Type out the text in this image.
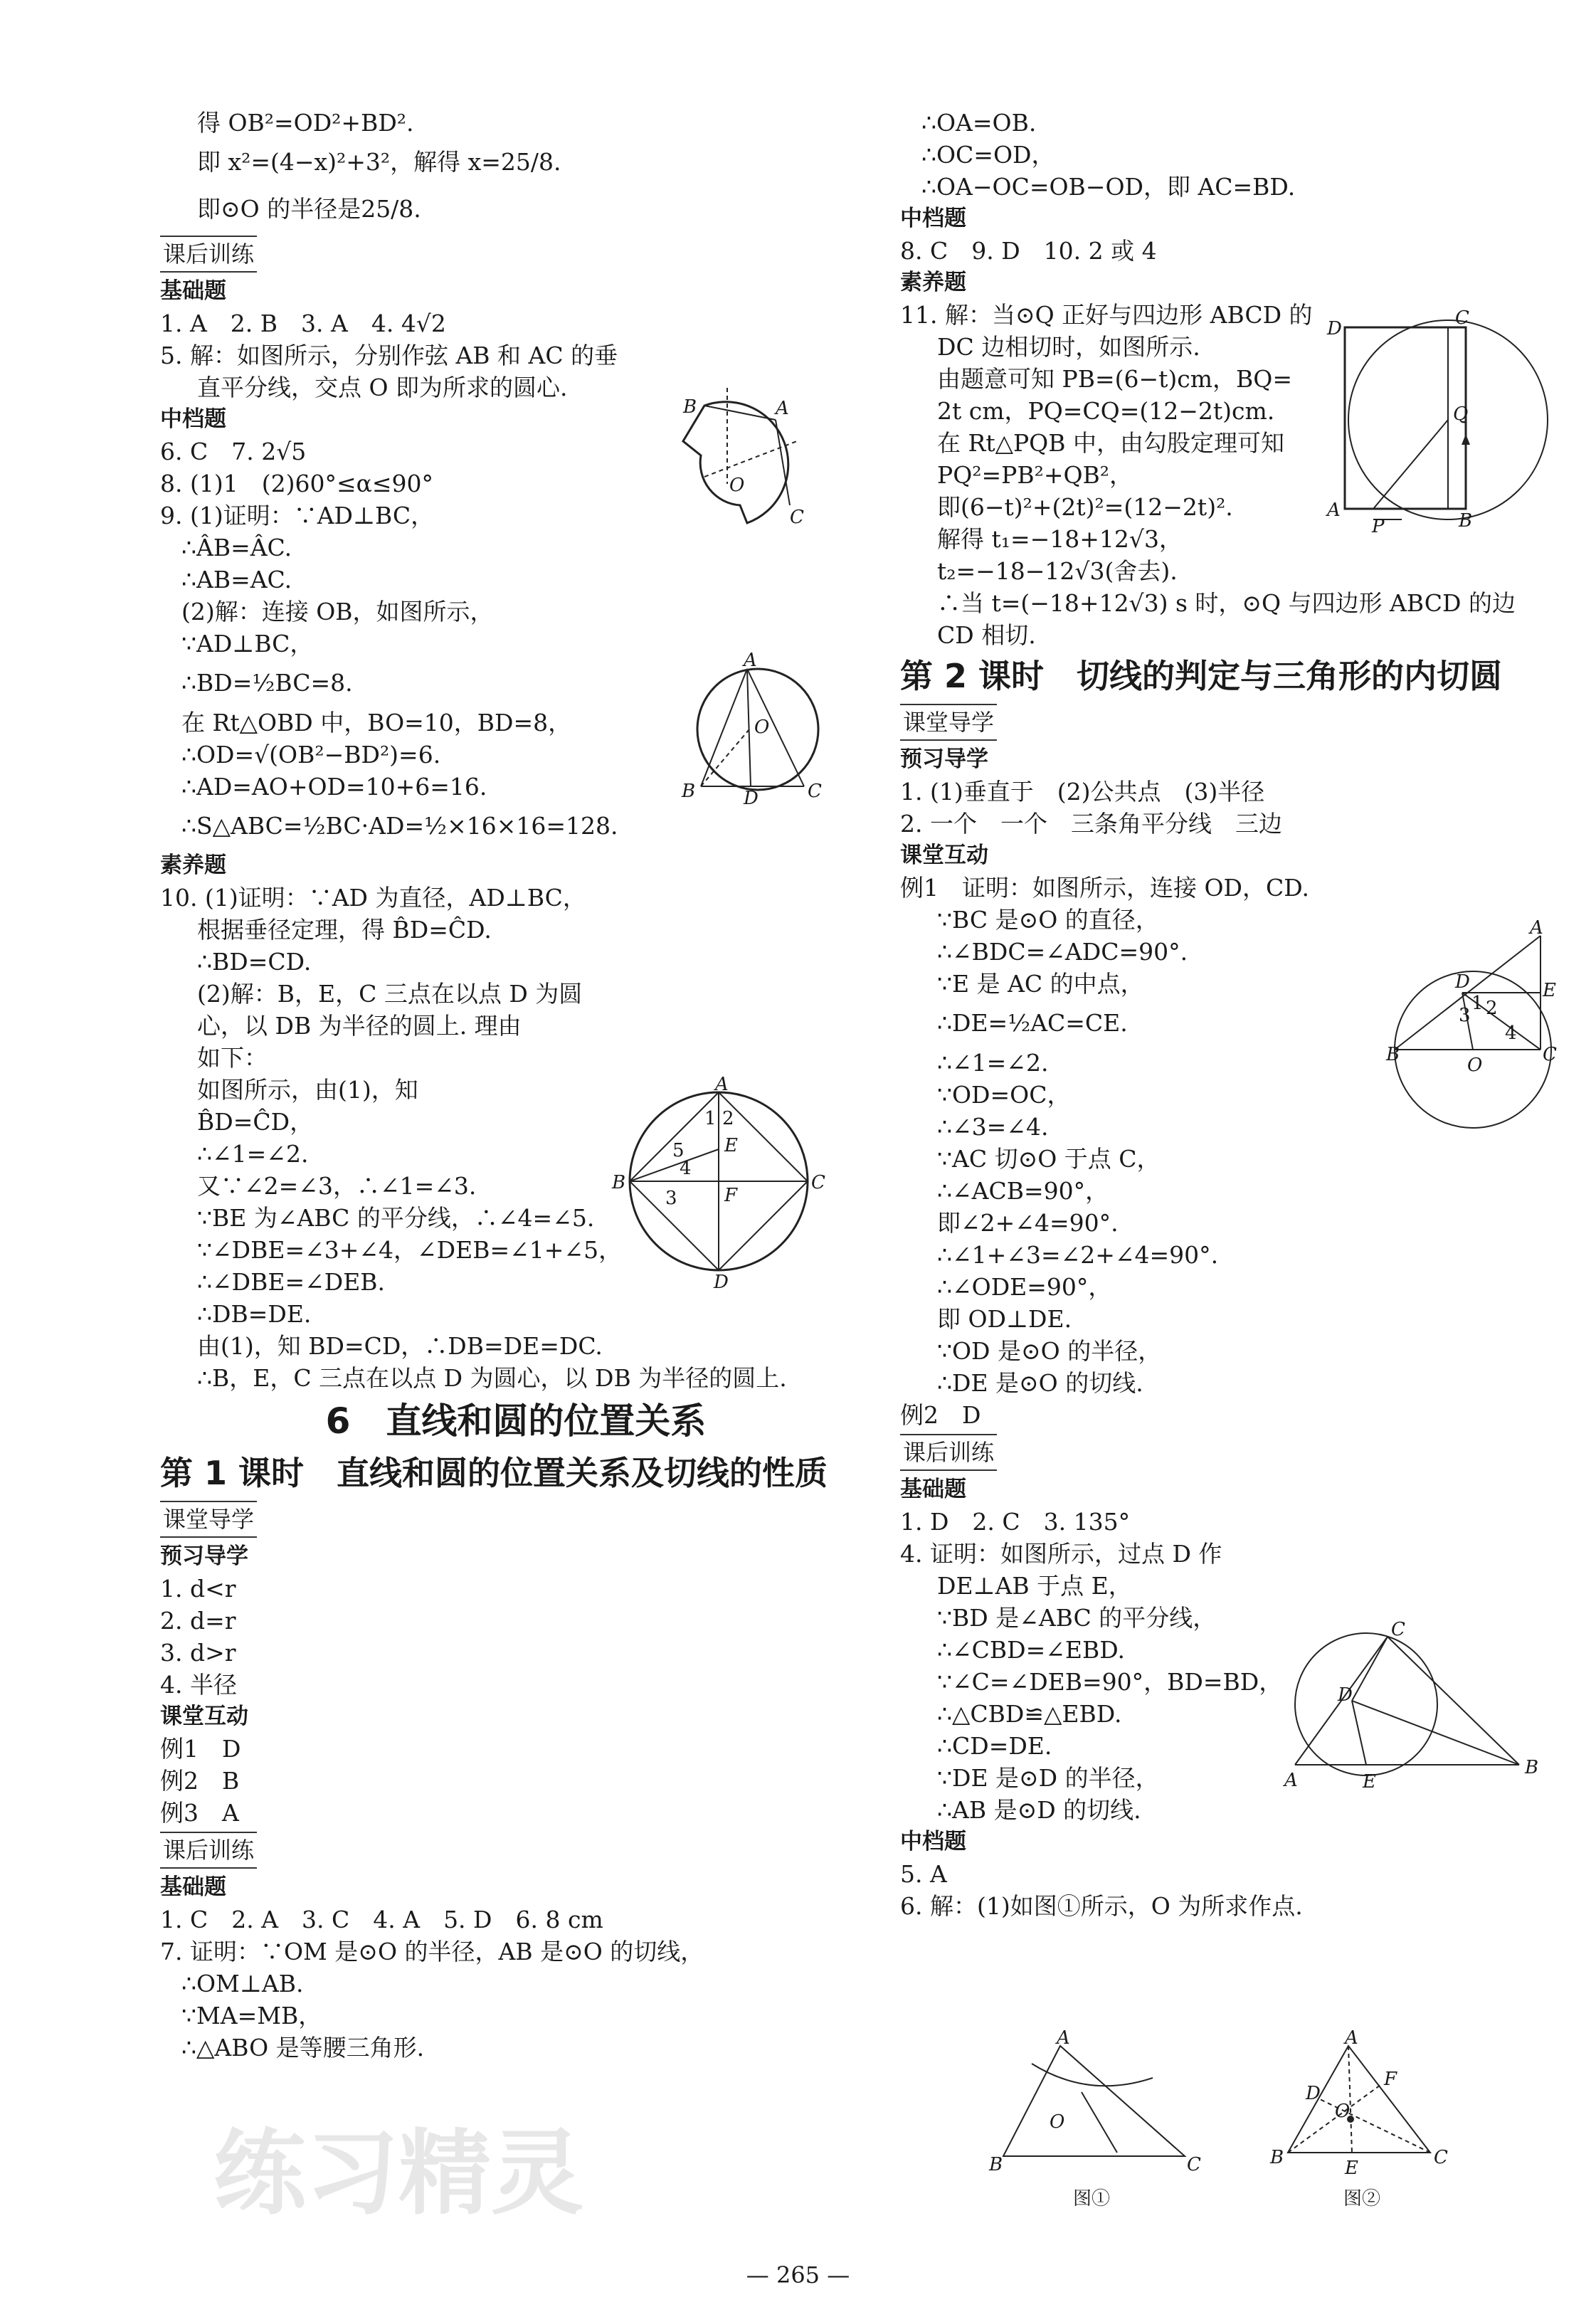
得 OB²=OD²+BD².
即 x²=(4−x)²+3²，解得 x=25/8.
即⊙O 的半径是25/8.
课后训练

基础题
1. A　2. B　3. A　4. 4√2
5. 解：如图所示，分别作弦 AB 和 AC 的垂
直平分线，交点 O 即为所求的圆心.
中档题
6. C　7. 2√5
8. (1)1　(2)60°≤α≤90°
9. (1)证明：∵AD⊥BC，
∴ÂB=ÂC.
∴AB=AC.
(2)解：连接 OB，如图所示，
∵AD⊥BC，
∴BD=½BC=8.
在 Rt△OBD 中，BO=10，BD=8，
∴OD=√(OB²−BD²)=6.
∴AD=AO+OD=10+6=16.
∴S△ABC=½BC·AD=½×16×16=128.
素养题
10. (1)证明：∵AD 为直径，AD⊥BC，
根据垂径定理，得 B̂D=ĈD.
∴BD=CD.
(2)解：B，E，C 三点在以点 D 为圆
心，以 DB 为半径的圆上. 理由
如下：
如图所示，由(1)，知
B̂D=ĈD，
∴∠1=∠2.
又∵∠2=∠3，∴∠1=∠3.
∵BE 为∠ABC 的平分线，∴∠4=∠5.
∵∠DBE=∠3+∠4，∠DEB=∠1+∠5，
∴∠DBE=∠DEB.
∴DB=DE.
由(1)，知 BD=CD，∴DB=DE=DC.
∴B，E，C 三点在以点 D 为圆心，以 DB 为半径的圆上.
6　直线和圆的位置关系
第 1 课时　直线和圆的位置关系及切线的性质
课堂导学

预习导学
1. d<r
2. d=r
3. d>r
4. 半径
课堂互动
例1　D
例2　B
例3　A
课后训练

基础题
1. C　2. A　3. C　4. A　5. D　6. 8 cm
7. 证明：∵OM 是⊙O 的半径，AB 是⊙O 的切线，
∴OM⊥AB.
∵MA=MB，
∴△ABO 是等腰三角形.
∴OA=OB.
∴OC=OD，
∴OA−OC=OB−OD，即 AC=BD.
中档题
8. C　9. D　10. 2 或 4
素养题
11. 解：当⊙Q 正好与四边形 ABCD 的
DC 边相切时，如图所示.
由题意可知 PB=(6−t)cm，BQ=
2t cm，PQ=CQ=(12−2t)cm.
在 Rt△PQB 中，由勾股定理可知
PQ²=PB²+QB²，
即(6−t)²+(2t)²=(12−2t)².
解得 t₁=−18+12√3，
t₂=−18−12√3(舍去).
∴当 t=(−18+12√3) s 时，⊙Q 与四边形 ABCD 的边
CD 相切.
第 2 课时　切线的判定与三角形的内切圆
课堂导学

预习导学
1. (1)垂直于　(2)公共点　(3)半径
2. 一个　一个　三条角平分线　三边
课堂互动
例1　证明：如图所示，连接 OD，CD.
∵BC 是⊙O 的直径，
∴∠BDC=∠ADC=90°.
∵E 是 AC 的中点，
∴DE=½AC=CE.
∴∠1=∠2.
∵OD=OC，
∴∠3=∠4.
∵AC 切⊙O 于点 C，
∴∠ACB=90°，
即∠2+∠4=90°.
∴∠1+∠3=∠2+∠4=90°.
∴∠ODE=90°，
即 OD⊥DE.
∵OD 是⊙O 的半径，
∴DE 是⊙O 的切线.
例2　D
课后训练

基础题
1. D　2. C　3. 135°
4. 证明：如图所示，过点 D 作
DE⊥AB 于点 E，
∵BD 是∠ABC 的平分线，
∴∠CBD=∠EBD.
∵∠C=∠DEB=90°，BD=BD，
∴△CBD≌△EBD.
∴CD=DE.
∵DE 是⊙D 的半径，
∴AB 是⊙D 的切线.
中档题
5. A
6. 解：(1)如图①所示，O 为所求作点.
B	A
C
O
A
B	C
D
O
A
B	C
D
E
F
1 2
3
4
5
D	C
A	B
P
Q
A
B	C
D	E
O
1 2
3
4
A
B
C
D
E
A
B	C
O
图①
A
B	C
D
E
F
O
图②
练习精灵
— 265 —
